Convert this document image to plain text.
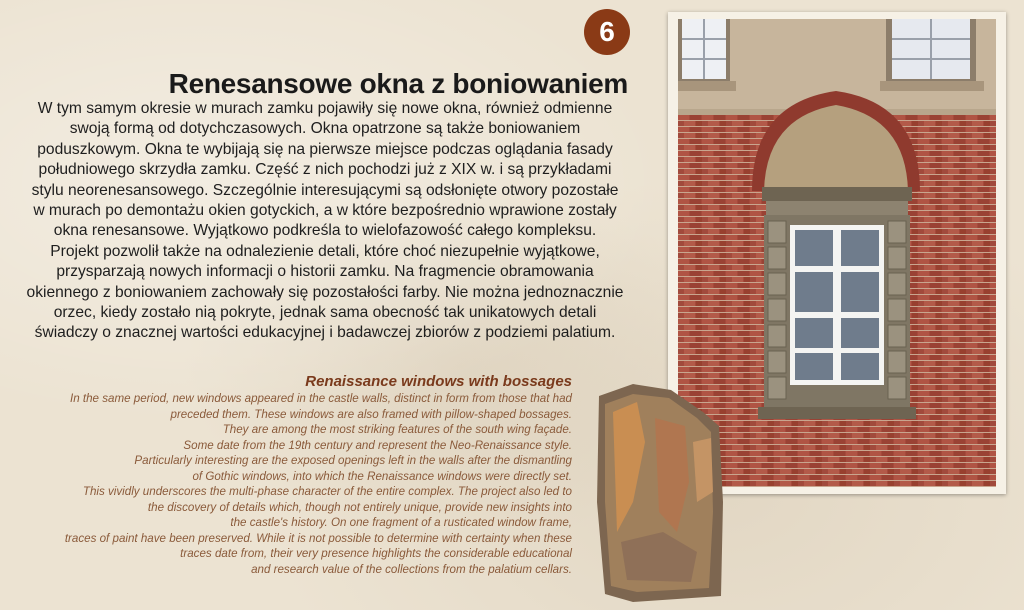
6
Renesansowe okna z boniowaniem

W tym samym okresie w murach zamku pojawiły się nowe okna, również odmienne
swoją formą od dotychczasowych. Okna opatrzone są także boniowaniem
poduszkowym. Okna te wybijają się na pierwsze miejsce podczas oglądania fasady
południowego skrzydła zamku. Część z nich pochodzi już z XIX w. i są przykładami
stylu neorenesansowego. Szczególnie interesującymi są odsłonięte otwory pozostałe
w murach po demontażu okien gotyckich, a w które bezpośrednio wprawione zostały
okna renesansowe. Wyjątkowo podkreśla to wielofazowość całego kompleksu.
Projekt pozwolił także na odnalezienie detali, które choć niezupełnie wyjątkowe,
przysparzają nowych informacji o historii zamku. Na fragmencie obramowania
okiennego z boniowaniem zachowały się pozostałości farby. Nie można jednoznacznie
orzec, kiedy zostało nią pokryte, jednak sama obecność tak unikatowych detali
świadczy o znacznej wartości edukacyjnej i badawczej zbiorów z podziemi palatium.

Renaissance windows with bossages

In the same period, new windows appeared in the castle walls, distinct in form from those that had
preceded them. These windows are also framed with pillow-shaped bossages.
They are among the most striking features of the south wing façade.
Some date from the 19th century and represent the Neo-Renaissance style.
Particularly interesting are the exposed openings left in the walls after the dismantling
of Gothic windows, into which the Renaissance windows were directly set.
This vividly underscores the multi-phase character of the entire complex. The project also led to
the discovery of details which, though not entirely unique, provide new insights into
the castle's history. On one fragment of a rusticated window frame,
traces of paint have been preserved. While it is not possible to determine with certainty when these
traces date from, their very presence highlights the considerable educational
and research value of the collections from the palatium cellars.
